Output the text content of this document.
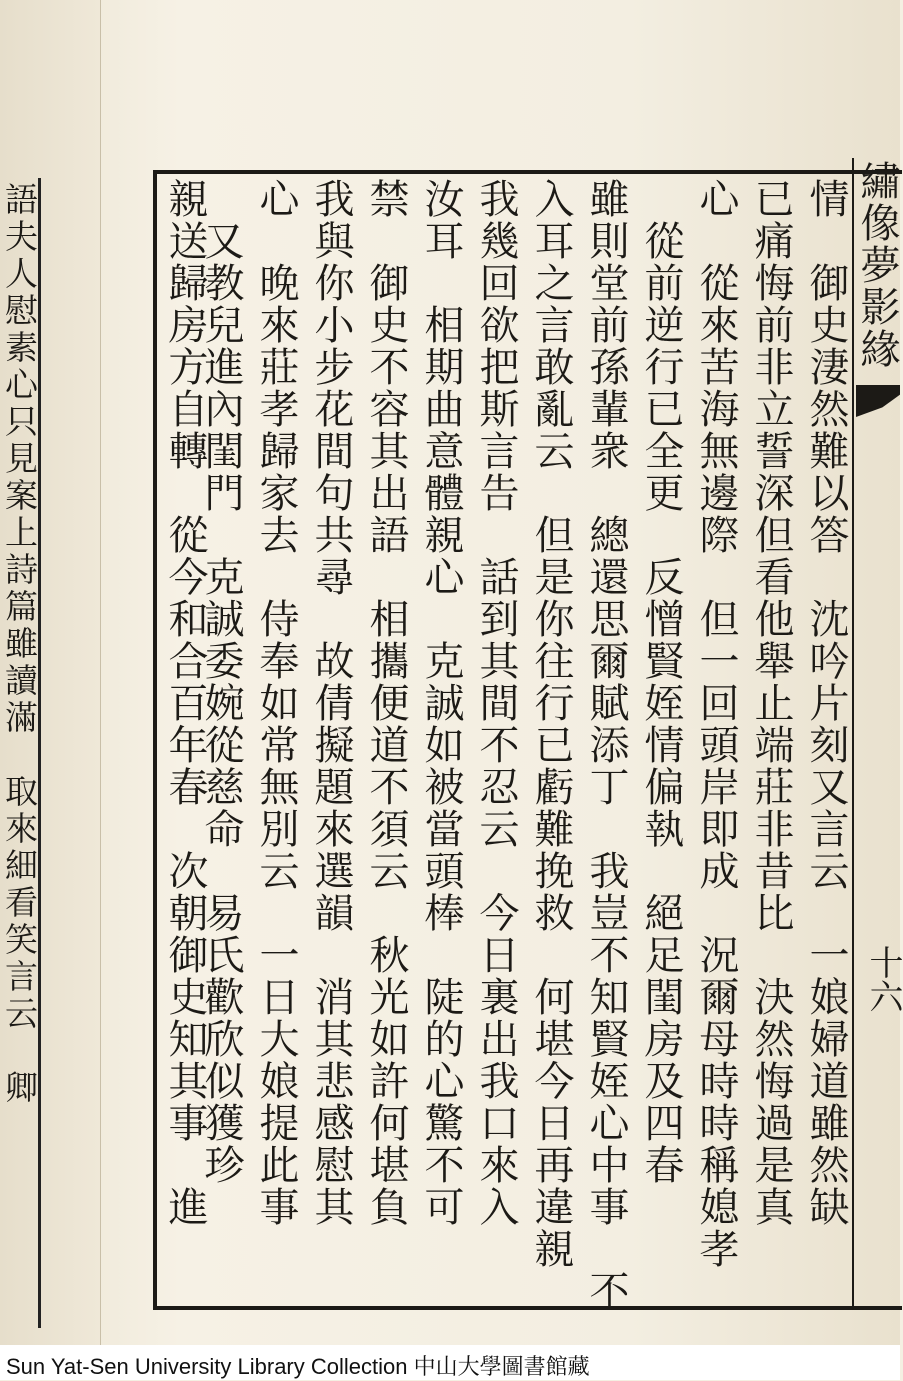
語夫人慰素心只見案上詩篇雖讀滿　取來細看笑言云　卿	繡像夢影緣
十六
情　御史淒然難以答　沈吟片刻又言云　一娘婦道雖然缺
已痛悔前非立誓深但看他舉止端莊非昔比　決然悔過是真
心　從來苦海無邊際　但一回頭岸即成　況爾母時時稱媳孝
　從前逆行已全更　反憎賢姪情偏執　絕足閨房及四春
雖則堂前孫輩衆　總還思爾賦添丁　我豈不知賢姪心中事　不
入耳之言敢亂云　但是你往行已虧難挽救　何堪今日再違親
我幾回欲把斯言告　話到其間不忍云　今日裏出我口來入
汝耳　相期曲意體親心　克誠如被當頭棒　陡的心驚不可
禁　御史不容其出語　相攜便道不須云　秋光如許何堪負
我與你小步花間句共尋　故倩擬題來選韻　消其悲感慰其
心　晚來莊孝歸家去　侍奉如常無別云　一日大娘提此事
　又教兒進內閨門　克誠委婉從慈命　易氏歡欣似獲珍
親送歸房方自轉　從今和合百年春　次朝御史知其事　進
Sun Yat-Sen University Library Collection 中山大學圖書館藏
